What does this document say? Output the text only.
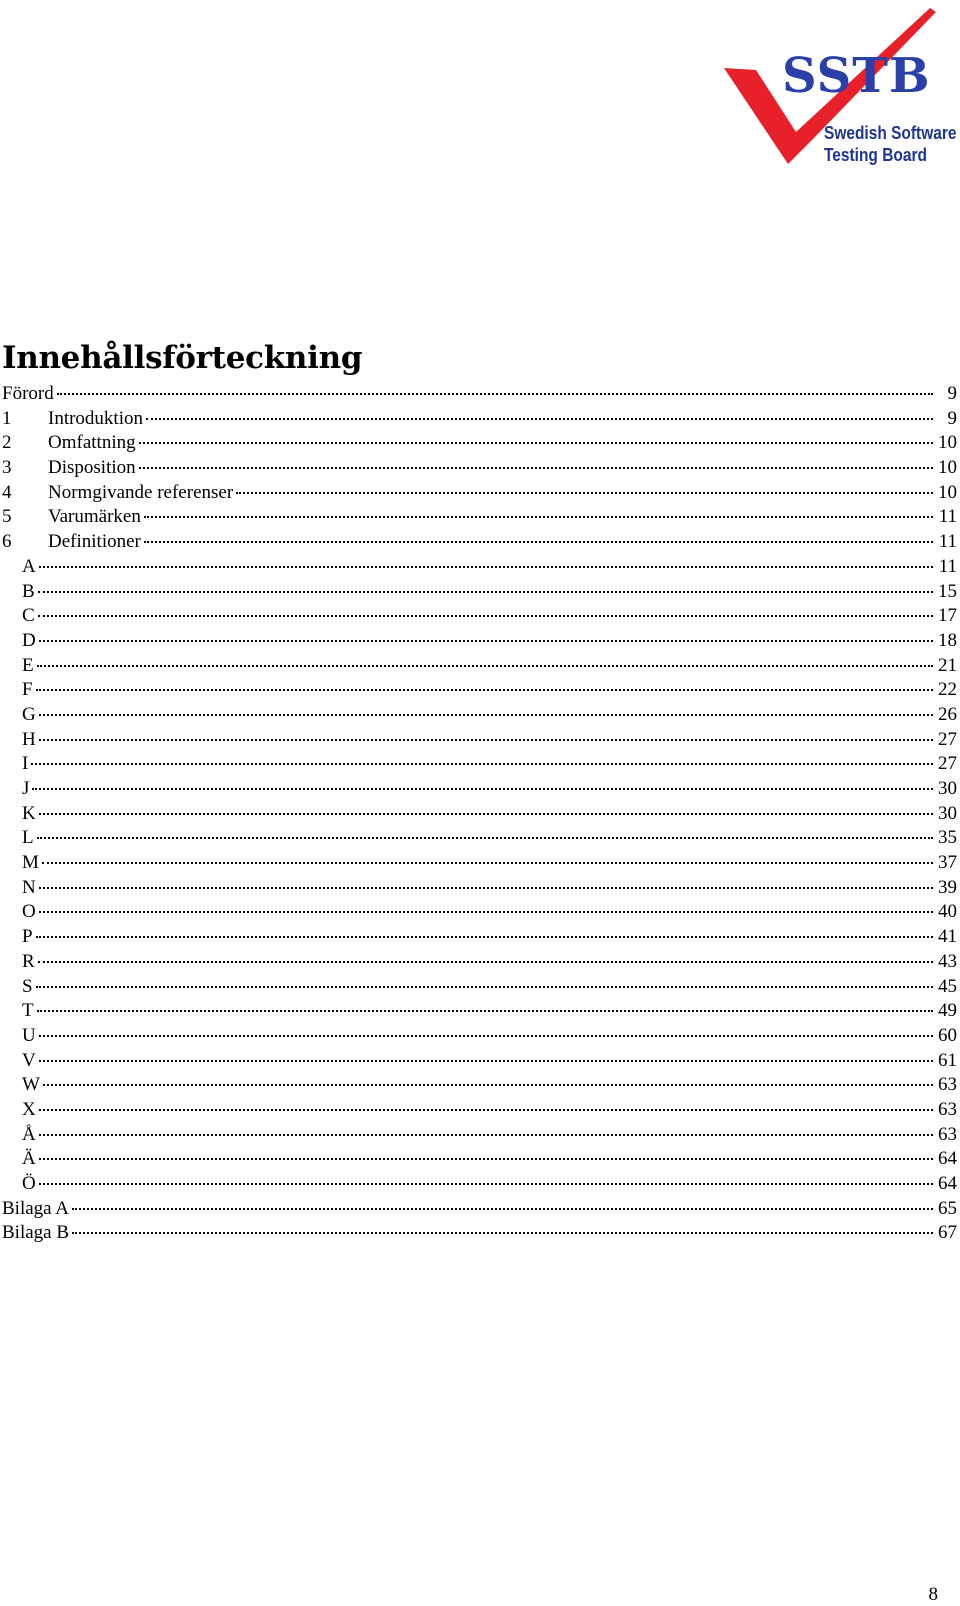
SSTB
Swedish Software
Testing Board
Innehållsförteckning
Förord	9
1	Introduktion	9
2	Omfattning	10
3	Disposition	10
4	Normgivande referenser	10
5	Varumärken	11
6	Definitioner	11
A	11
B	15
C	17
D	18
E	21
F	22
G	26
H	27
I	27
J	30
K	30
L	35
M	37
N	39
O	40
P	41
R	43
S	45
T	49
U	60
V	61
W	63
X	63
Å	63
Ä	64
Ö	64
Bilaga A	65
Bilaga B	67
8
